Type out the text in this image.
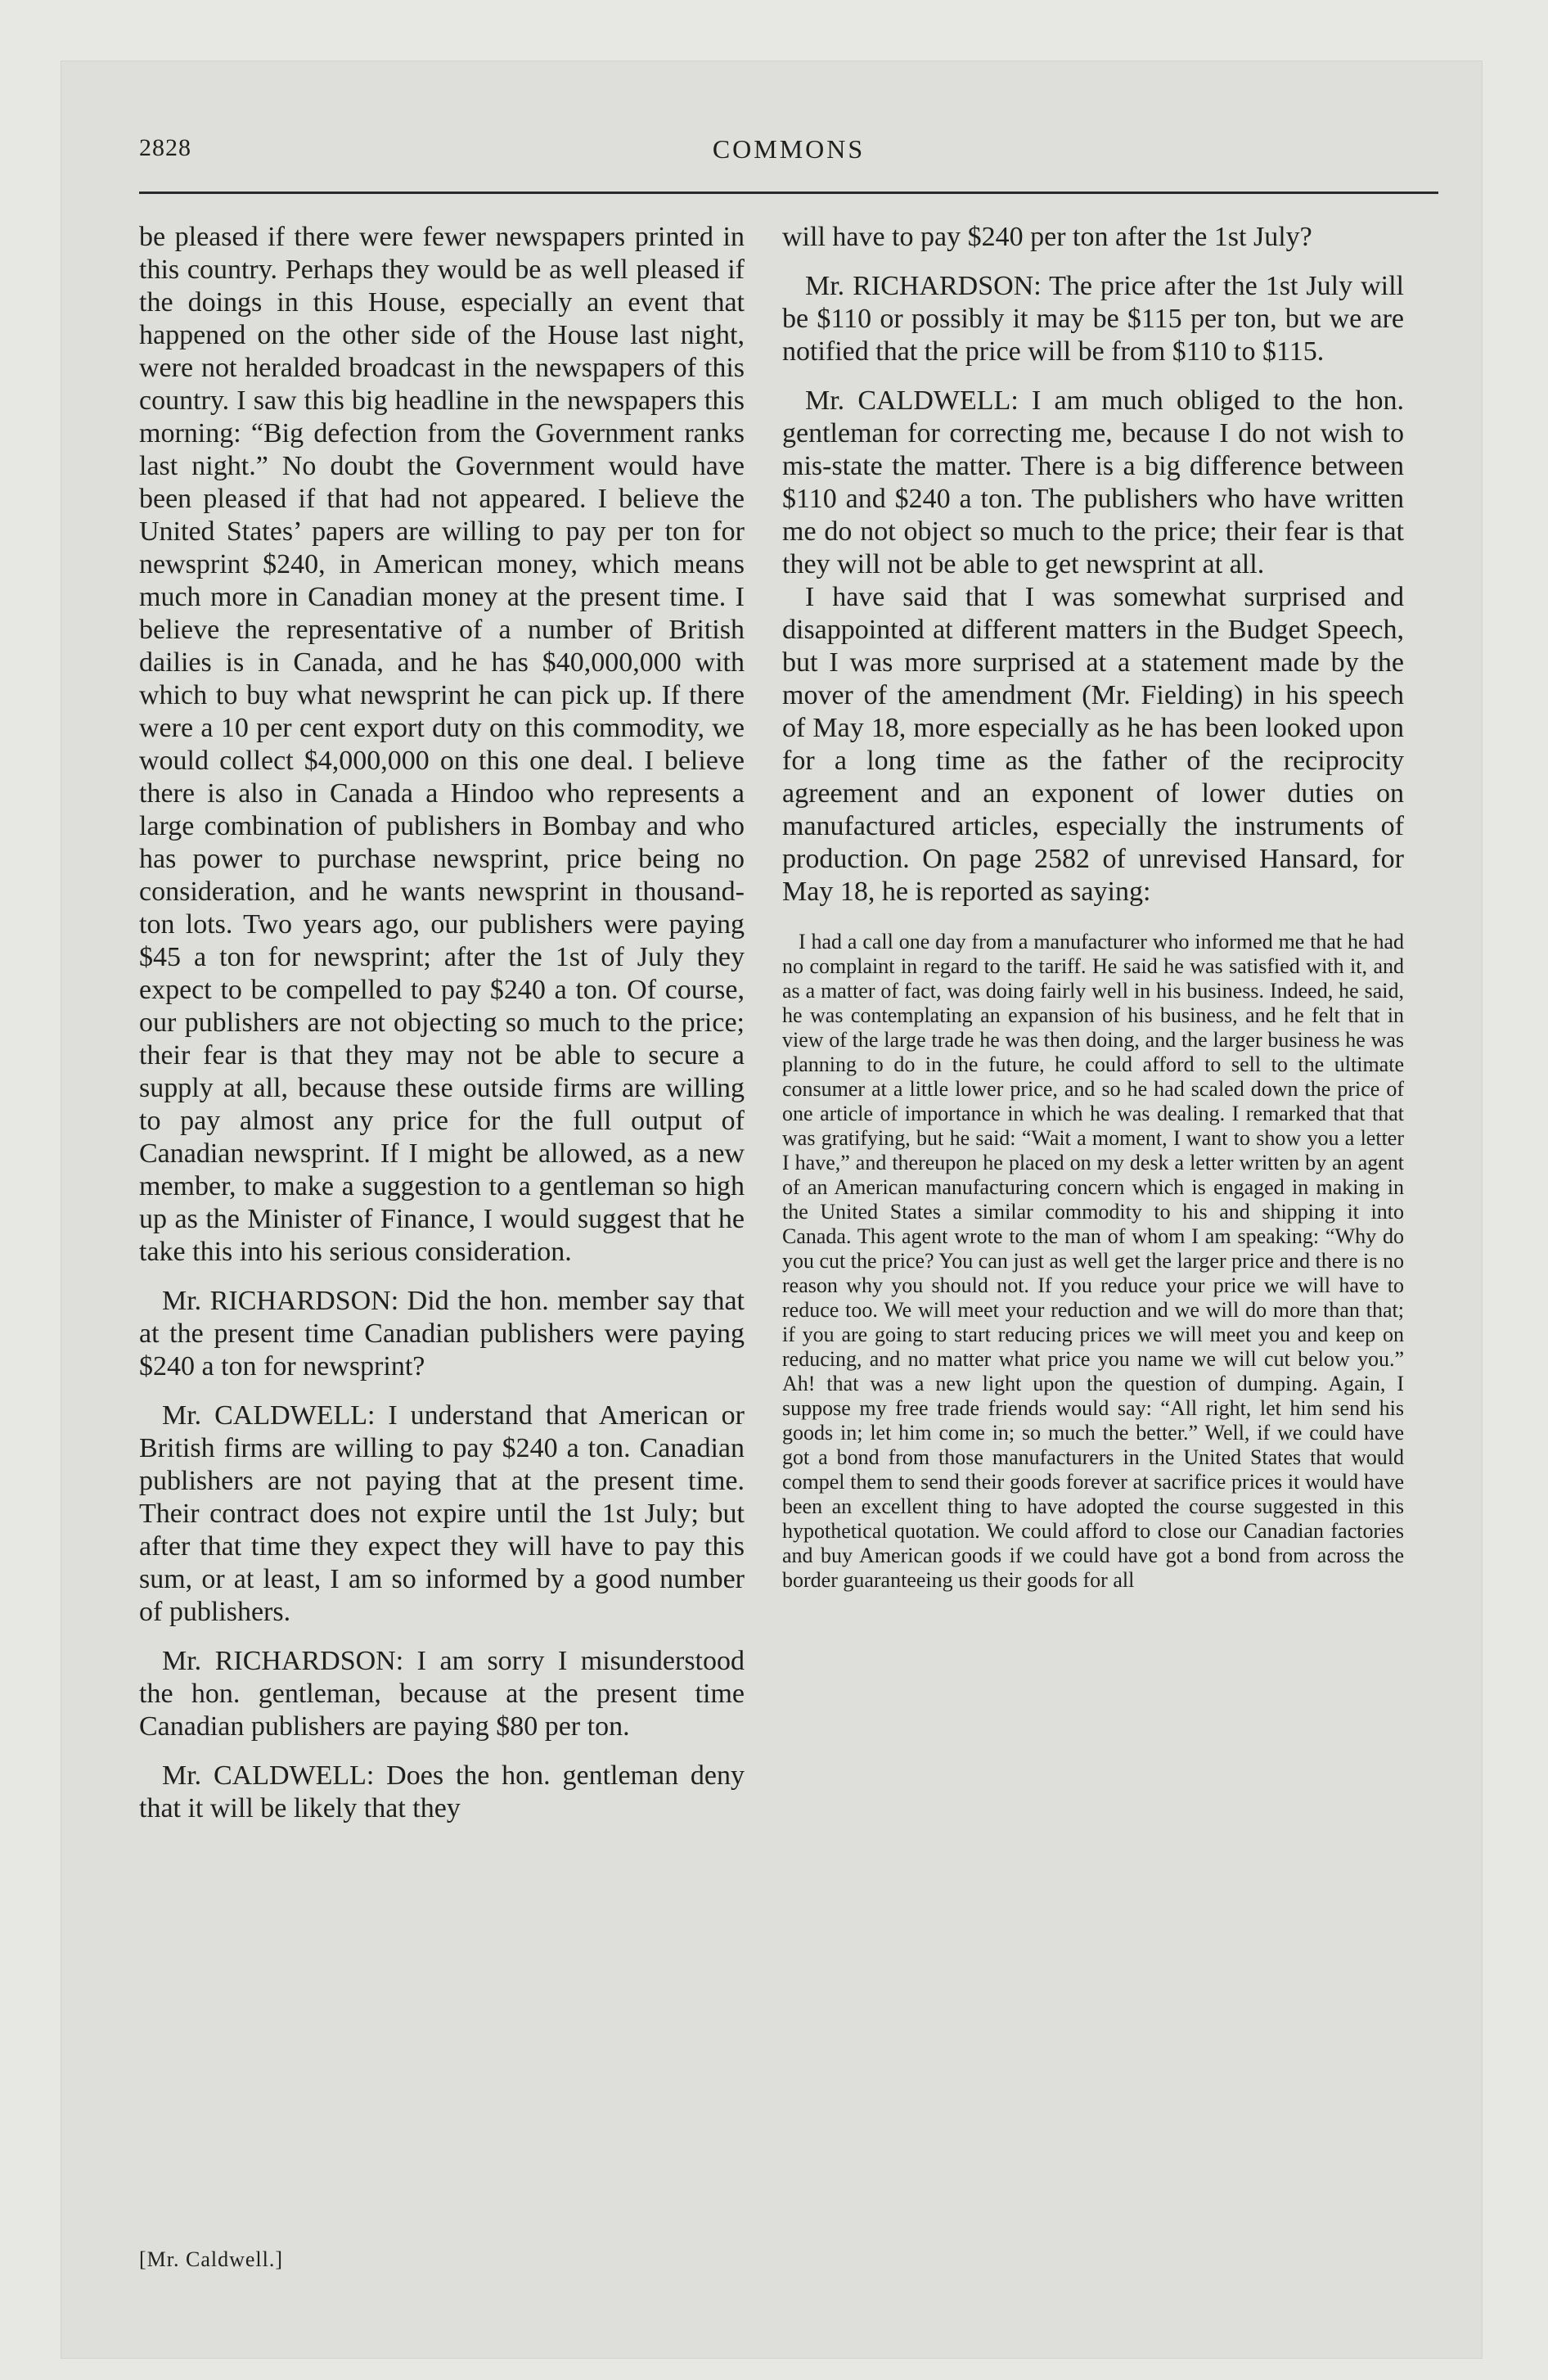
2828	COMMONS

be pleased if there were fewer newspapers printed in this country. Perhaps they would be as well pleased if the doings in this House, especially an event that happened on the other side of the House last night, were not heralded broadcast in the newspapers of this country. I saw this big headline in the newspapers this morning: “Big defection from the Government ranks last night.” No doubt the Government would have been pleased if that had not appeared. I believe the United States’ papers are willing to pay per ton for newsprint $240, in American money, which means much more in Canadian money at the present time. I believe the representative of a number of British dailies is in Canada, and he has $40,000,000 with which to buy what newsprint he can pick up. If there were a 10 per cent export duty on this commodity, we would collect $4,000,000 on this one deal. I believe there is also in Canada a Hindoo who represents a large combination of publishers in Bombay and who has power to purchase newsprint, price being no consideration, and he wants newsprint in thousand-ton lots. Two years ago, our publishers were paying $45 a ton for newsprint; after the 1st of July they expect to be compelled to pay $240 a ton. Of course, our publishers are not objecting so much to the price; their fear is that they may not be able to secure a supply at all, because these outside firms are willing to pay almost any price for the full output of Canadian newsprint. If I might be allowed, as a new member, to make a suggestion to a gentleman so high up as the Minister of Finance, I would suggest that he take this into his serious consideration.

Mr. RICHARDSON: Did the hon. member say that at the present time Canadian publishers were paying $240 a ton for newsprint?

Mr. CALDWELL: I understand that American or British firms are willing to pay $240 a ton. Canadian publishers are not paying that at the present time. Their contract does not expire until the 1st July; but after that time they expect they will have to pay this sum, or at least, I am so informed by a good number of publishers.

Mr. RICHARDSON: I am sorry I misunderstood the hon. gentleman, because at the present time Canadian publishers are paying $80 per ton.

Mr. CALDWELL: Does the hon. gentleman deny that it will be likely that they

will have to pay $240 per ton after the 1st July?

Mr. RICHARDSON: The price after the 1st July will be $110 or possibly it may be $115 per ton, but we are notified that the price will be from $110 to $115.

Mr. CALDWELL: I am much obliged to the hon. gentleman for correcting me, because I do not wish to mis-state the matter. There is a big difference between $110 and $240 a ton. The publishers who have written me do not object so much to the price; their fear is that they will not be able to get newsprint at all.

I have said that I was somewhat surprised and disappointed at different matters in the Budget Speech, but I was more surprised at a statement made by the mover of the amendment (Mr. Fielding) in his speech of May 18, more especially as he has been looked upon for a long time as the father of the reciprocity agreement and an exponent of lower duties on manufactured articles, especially the instruments of production. On page 2582 of unrevised Hansard, for May 18, he is reported as saying:

I had a call one day from a manufacturer who informed me that he had no complaint in regard to the tariff. He said he was satisfied with it, and as a matter of fact, was doing fairly well in his business. Indeed, he said, he was contemplating an expansion of his business, and he felt that in view of the large trade he was then doing, and the larger business he was planning to do in the future, he could afford to sell to the ultimate consumer at a little lower price, and so he had scaled down the price of one article of importance in which he was dealing. I remarked that that was gratifying, but he said: “Wait a moment, I want to show you a letter I have,” and thereupon he placed on my desk a letter written by an agent of an American manufacturing concern which is engaged in making in the United States a similar commodity to his and shipping it into Canada. This agent wrote to the man of whom I am speaking: “Why do you cut the price? You can just as well get the larger price and there is no reason why you should not. If you reduce your price we will have to reduce too. We will meet your reduction and we will do more than that; if you are going to start reducing prices we will meet you and keep on reducing, and no matter what price you name we will cut below you.” Ah! that was a new light upon the question of dumping. Again, I suppose my free trade friends would say: “All right, let him send his goods in; let him come in; so much the better.” Well, if we could have got a bond from those manufacturers in the United States that would compel them to send their goods forever at sacrifice prices it would have been an excellent thing to have adopted the course suggested in this hypothetical quotation. We could afford to close our Canadian factories and buy American goods if we could have got a bond from across the border guaranteeing us their goods for all

[Mr. Caldwell.]
